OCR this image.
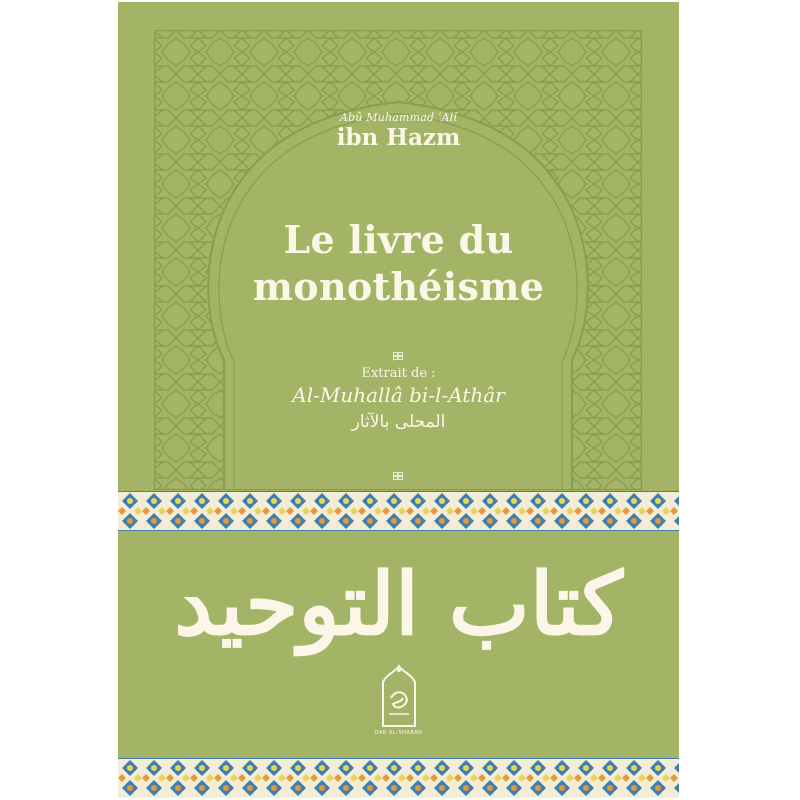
Abû Muhammad ʿAlî
ibn Hazm
Le livre du
monothéisme
Extrait de :
Al-Muhallâ bi-l-Athâr
المحلى بالآثار
كتاب التوحيد
DAR AL-SHABAN
